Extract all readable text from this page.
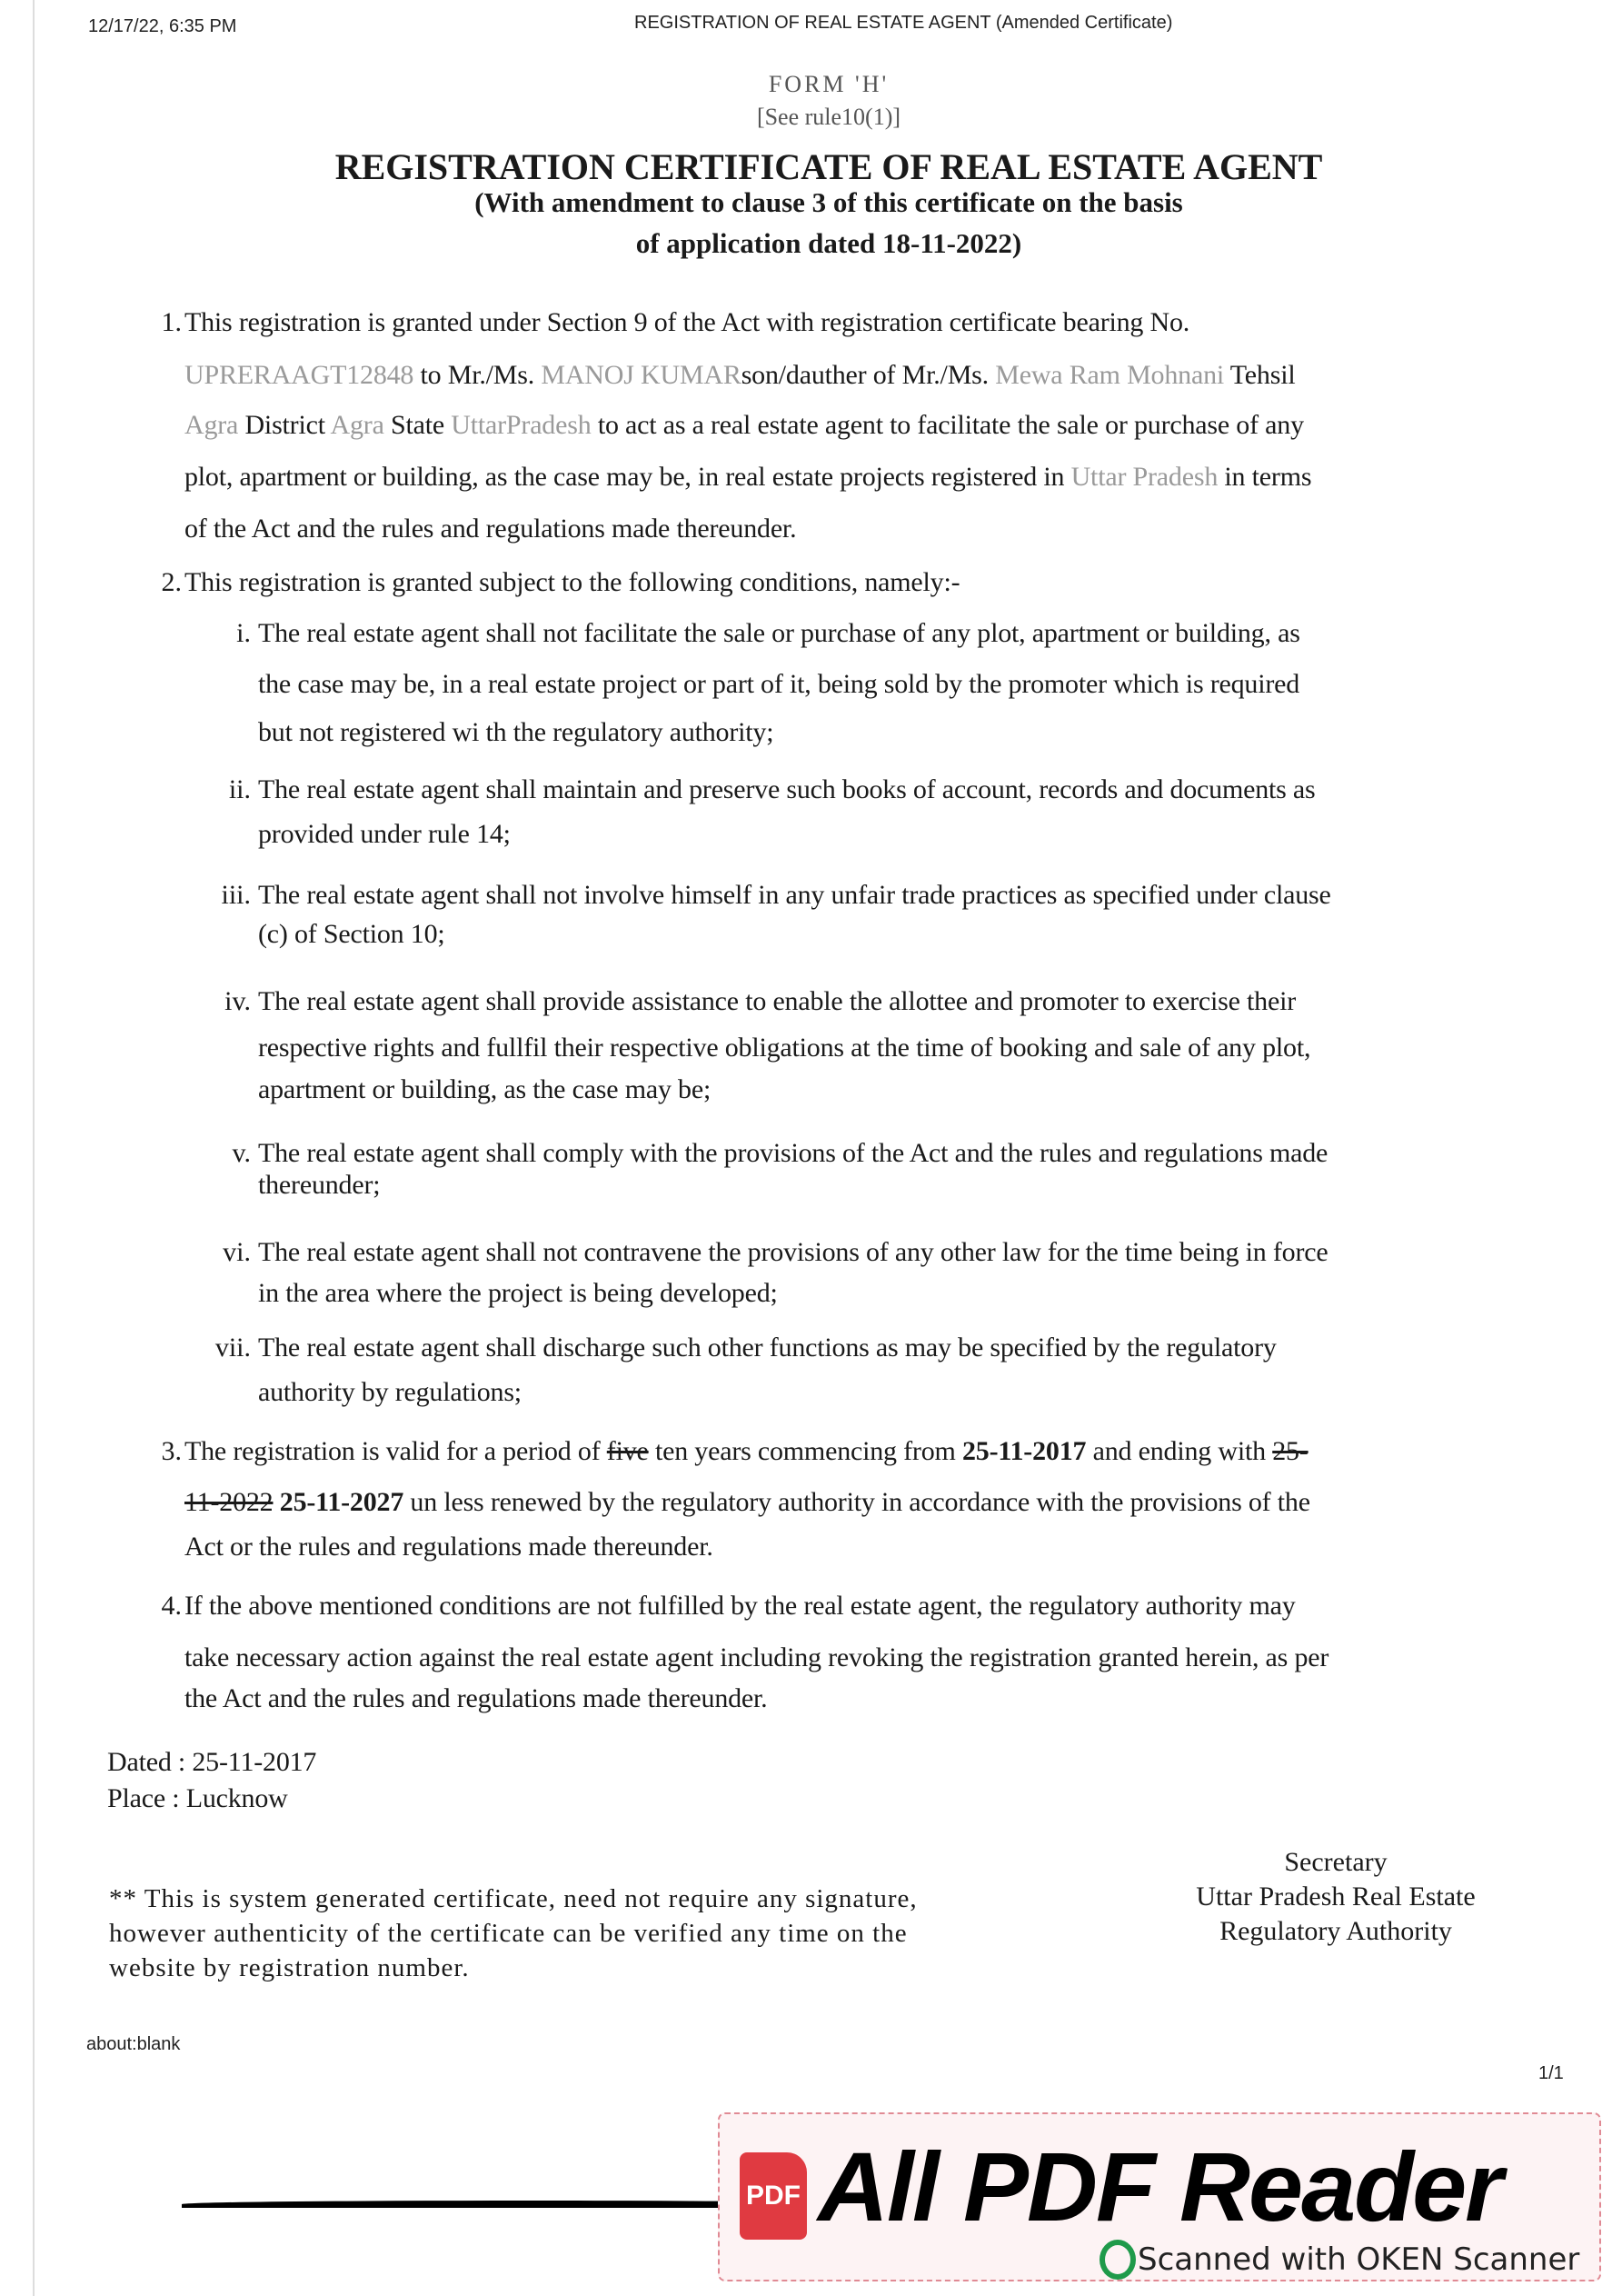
12/17/22, 6:35 PM	REGISTRATION OF REAL ESTATE AGENT (Amended Certificate)
FORM 'H'
[See rule10(1)]
REGISTRATION CERTIFICATE OF REAL ESTATE AGENT
(With amendment to clause 3 of this certificate on the basis
of application dated 18-11-2022)
1. This registration is granted under Section 9 of the Act with registration certificate bearing No.
UPRERAAGT12848 to Mr./Ms. MANOJ KUMARson/dauther of Mr./Ms. Mewa Ram Mohnani Tehsil
Agra District Agra State UttarPradesh to act as a real estate agent to facilitate the sale or purchase of any
plot, apartment or building, as the case may be, in real estate projects registered in Uttar Pradesh in terms
of the Act and the rules and regulations made thereunder.
2. This registration is granted subject to the following conditions, namely:-
i. The real estate agent shall not facilitate the sale or purchase of any plot, apartment or building, as
the case may be, in a real estate project or part of it, being sold by the promoter which is required
but not registered wi th the regulatory authority;
ii. The real estate agent shall maintain and preserve such books of account, records and documents as
provided under rule 14;
iii. The real estate agent shall not involve himself in any unfair trade practices as specified under clause
(c) of Section 10;
iv. The real estate agent shall provide assistance to enable the allottee and promoter to exercise their
respective rights and fullfil their respective obligations at the time of booking and sale of any plot,
apartment or building, as the case may be;
v. The real estate agent shall comply with the provisions of the Act and the rules and regulations made
thereunder;
vi. The real estate agent shall not contravene the provisions of any other law for the time being in force
in the area where the project is being developed;
vii. The real estate agent shall discharge such other functions as may be specified by the regulatory
authority by regulations;
3. The registration is valid for a period of five ten years commencing from 25-11-2017 and ending with 25-
11-2022 25-11-2027 un less renewed by the regulatory authority in accordance with the provisions of the
Act or the rules and regulations made thereunder.
4. If the above mentioned conditions are not fulfilled by the real estate agent, the regulatory authority may
take necessary action against the real estate agent including revoking the registration granted herein, as per
the Act and the rules and regulations made thereunder.
Dated : 25-11-2017
Place : Lucknow
Secretary
Uttar Pradesh Real Estate
Regulatory Authority
** This is system generated certificate, need not require any signature,
however authenticity of the certificate can be verified any time on the
website by registration number.
about:blank
1/1
PDF All PDF Reader
Scanned with OKEN Scanner
